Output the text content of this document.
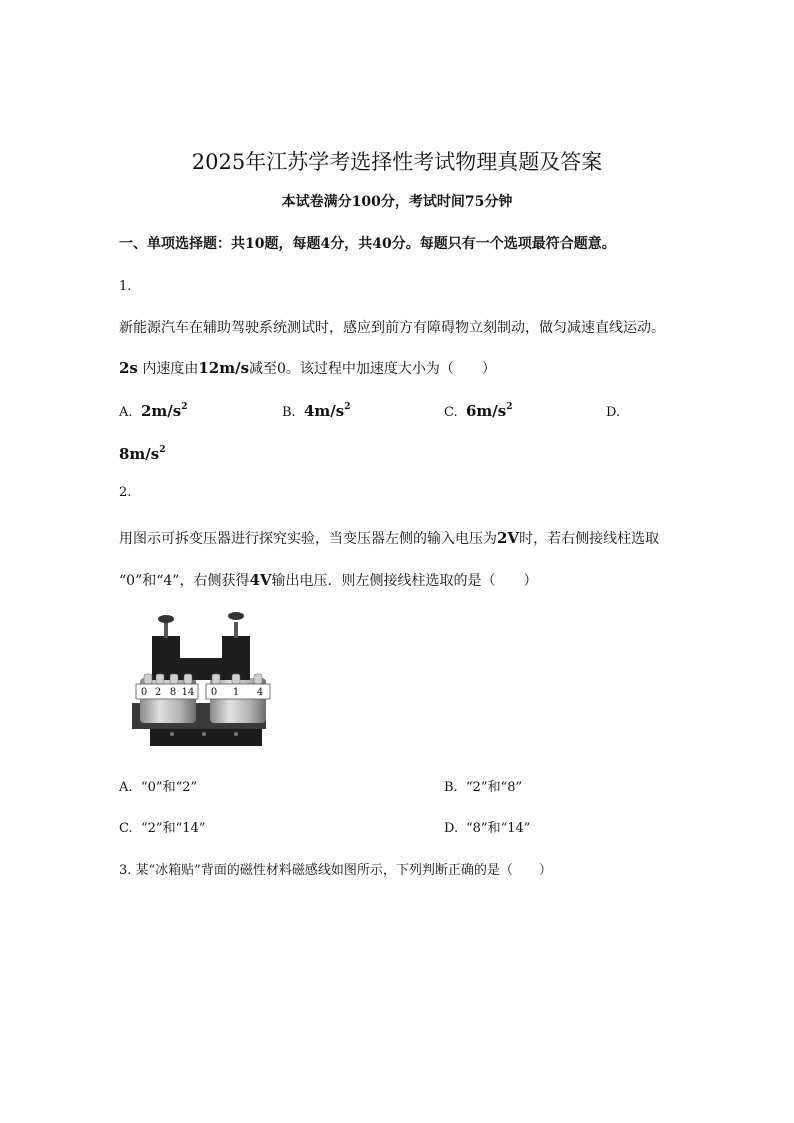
2025年江苏学考选择性考试物理真题及答案
本试卷满分100分，考试时间75分钟
一、单项选择题：共10题，每题4分，共40分。每题只有一个选项最符合题意。
1.
新能源汽车在辅助驾驶系统测试时，感应到前方有障碍物立刻制动，做匀减速直线运动。
2s 内速度由12m/s减至0。该过程中加速度大小为（　　）
A. $2m/s^2$	B. $4m/s^2$	C. $6m/s^2$	D.
$8m/s^2$
2.
用图示可拆变压器进行探究实验，当变压器左侧的输入电压为2V时，若右侧接线柱选取
“0”和“4”，右侧获得4V输出电压．则左侧接线柱选取的是（　　）
0 2 8 14 0 1 4
A. “0”和“2”	B. “2”和“8”
C. “2”和“14”	D. “8”和“14”
3. 某“冰箱贴”背面的磁性材料磁感线如图所示，下列判断正确的是（　　）
